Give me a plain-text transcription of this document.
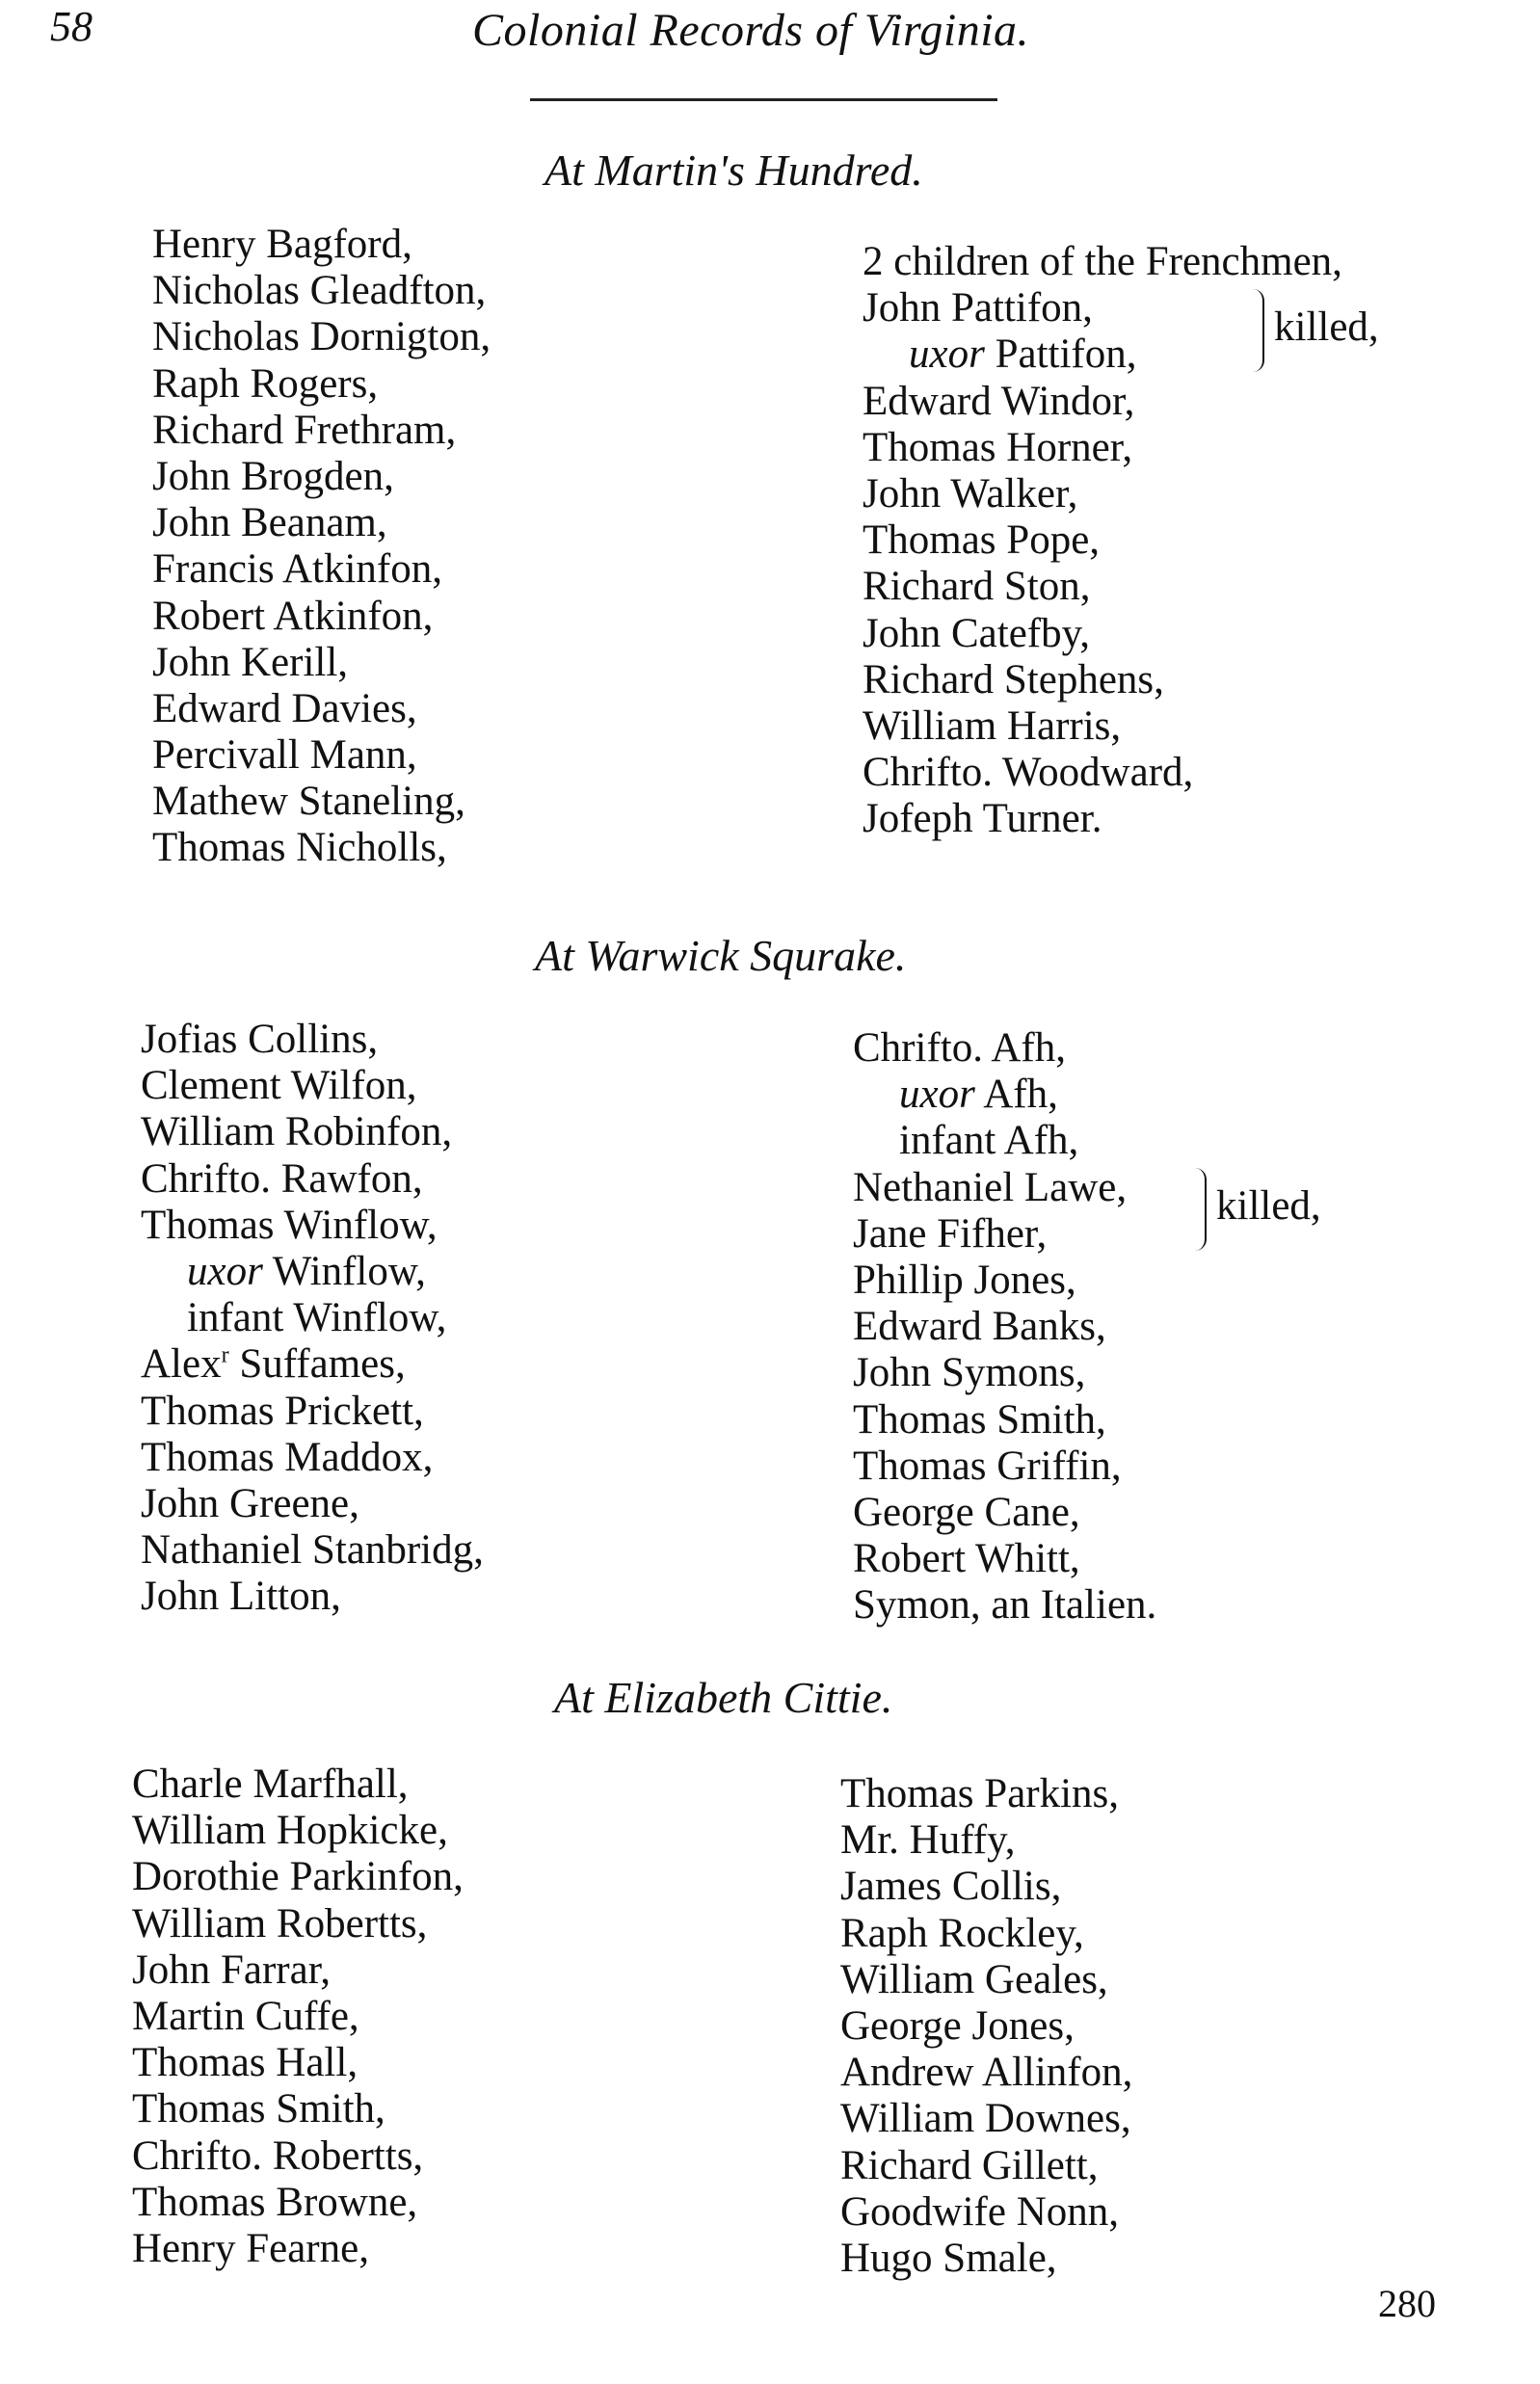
58	Colonial Records of Virginia.
At Martin's Hundred.
Henry Bagford,
Nicholas Gleadfton,
Nicholas Dornigton,
Raph Rogers,
Richard Frethram,
John Brogden,
John Beanam,
Francis Atkinfon,
Robert Atkinfon,
John Kerill,
Edward Davies,
Percivall Mann,
Mathew Staneling,
Thomas Nicholls,
2 children of the Frenchmen,
John Pattifon,
uxor Pattifon,
Edward Windor,
Thomas Horner,
John Walker,
Thomas Pope,
Richard Ston,
John Catefby,
Richard Stephens,
William Harris,
Chrifto. Woodward,
Jofeph Turner.
killed,
At Warwick Squrake.
Jofias Collins,
Clement Wilfon,
William Robinfon,
Chrifto. Rawfon,
Thomas Winflow,
uxor Winflow,
infant Winflow,
Alex$^r$ Suffames,
Thomas Prickett,
Thomas Maddox,
John Greene,
Nathaniel Stanbridg,
John Litton,
Chrifto. Afh,
uxor Afh,
infant Afh,
Nethaniel Lawe,
Jane Fifher,
Phillip Jones,
Edward Banks,
John Symons,
Thomas Smith,
Thomas Griffin,
George Cane,
Robert Whitt,
Symon, an Italien.
killed,
At Elizabeth Cittie.
Charle Marfhall,
William Hopkicke,
Dorothie Parkinfon,
William Robertts,
John Farrar,
Martin Cuffe,
Thomas Hall,
Thomas Smith,
Chrifto. Robertts,
Thomas Browne,
Henry Fearne,
Thomas Parkins,
Mr. Huffy,
James Collis,
Raph Rockley,
William Geales,
George Jones,
Andrew Allinfon,
William Downes,
Richard Gillett,
Goodwife Nonn,
Hugo Smale,
280
